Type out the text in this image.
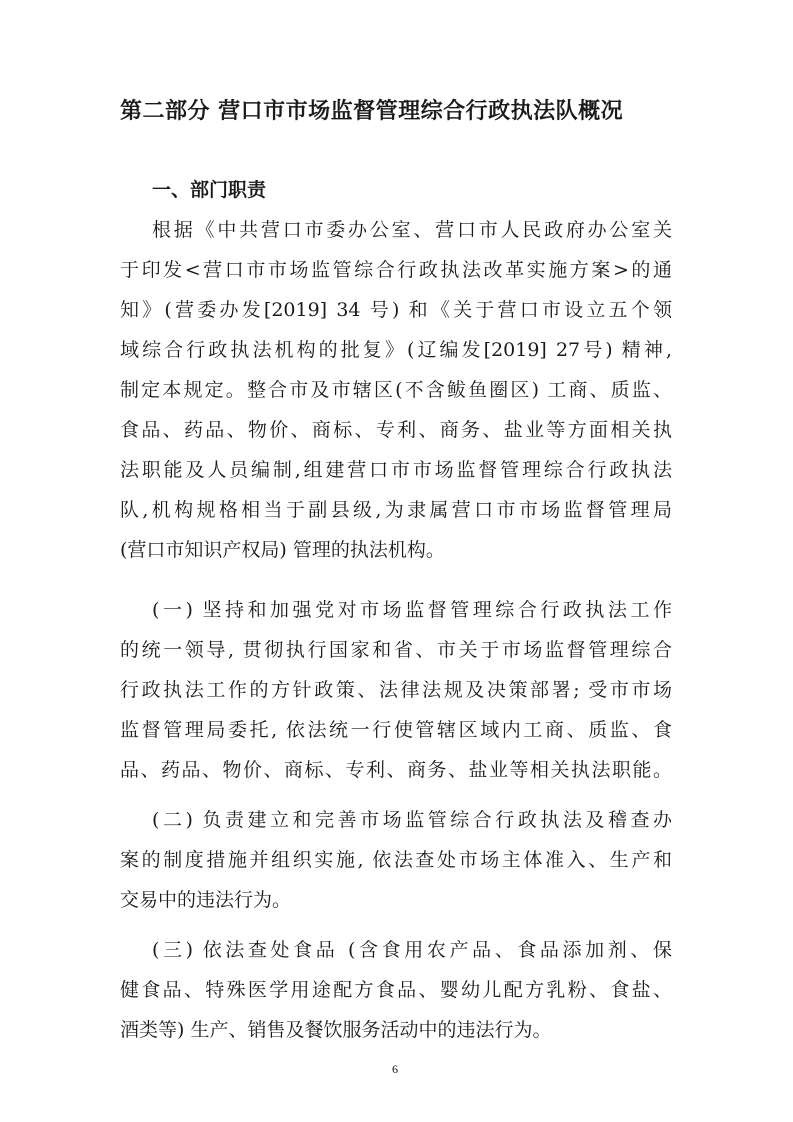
第二部分 营口市市场监督管理综合行政执法队概况
一、部门职责
根据《中共营口市委办公室、营口市人民政府办公室关
于印发<营口市市场监管综合行政执法改革实施方案>的通
知》(营委办发[2019] 34 号) 和《关于营口市设立五个领
域综合行政执法机构的批复》(辽编发[2019] 27号) 精神,
制定本规定。整合市及市辖区(不含鲅鱼圈区) 工商、质监、
食品、药品、物价、商标、专利、商务、盐业等方面相关执
法职能及人员编制,组建营口市市场监督管理综合行政执法
队,机构规格相当于副县级,为隶属营口市市场监督管理局
(营口市知识产权局) 管理的执法机构。
(一) 坚持和加强党对市场监督管理综合行政执法工作
的统一领导, 贯彻执行国家和省、市关于市场监督管理综合
行政执法工作的方针政策、法律法规及决策部署; 受市市场
监督管理局委托, 依法统一行使管辖区域内工商、质监、食
品、药品、物价、商标、专利、商务、盐业等相关执法职能。
(二) 负责建立和完善市场监管综合行政执法及稽查办
案的制度措施并组织实施, 依法查处市场主体准入、生产和
交易中的违法行为。
(三) 依法查处食品 (含食用农产品、食品添加剂、保
健食品、特殊医学用途配方食品、婴幼儿配方乳粉、食盐、
酒类等) 生产、销售及餐饮服务活动中的违法行为。
6
